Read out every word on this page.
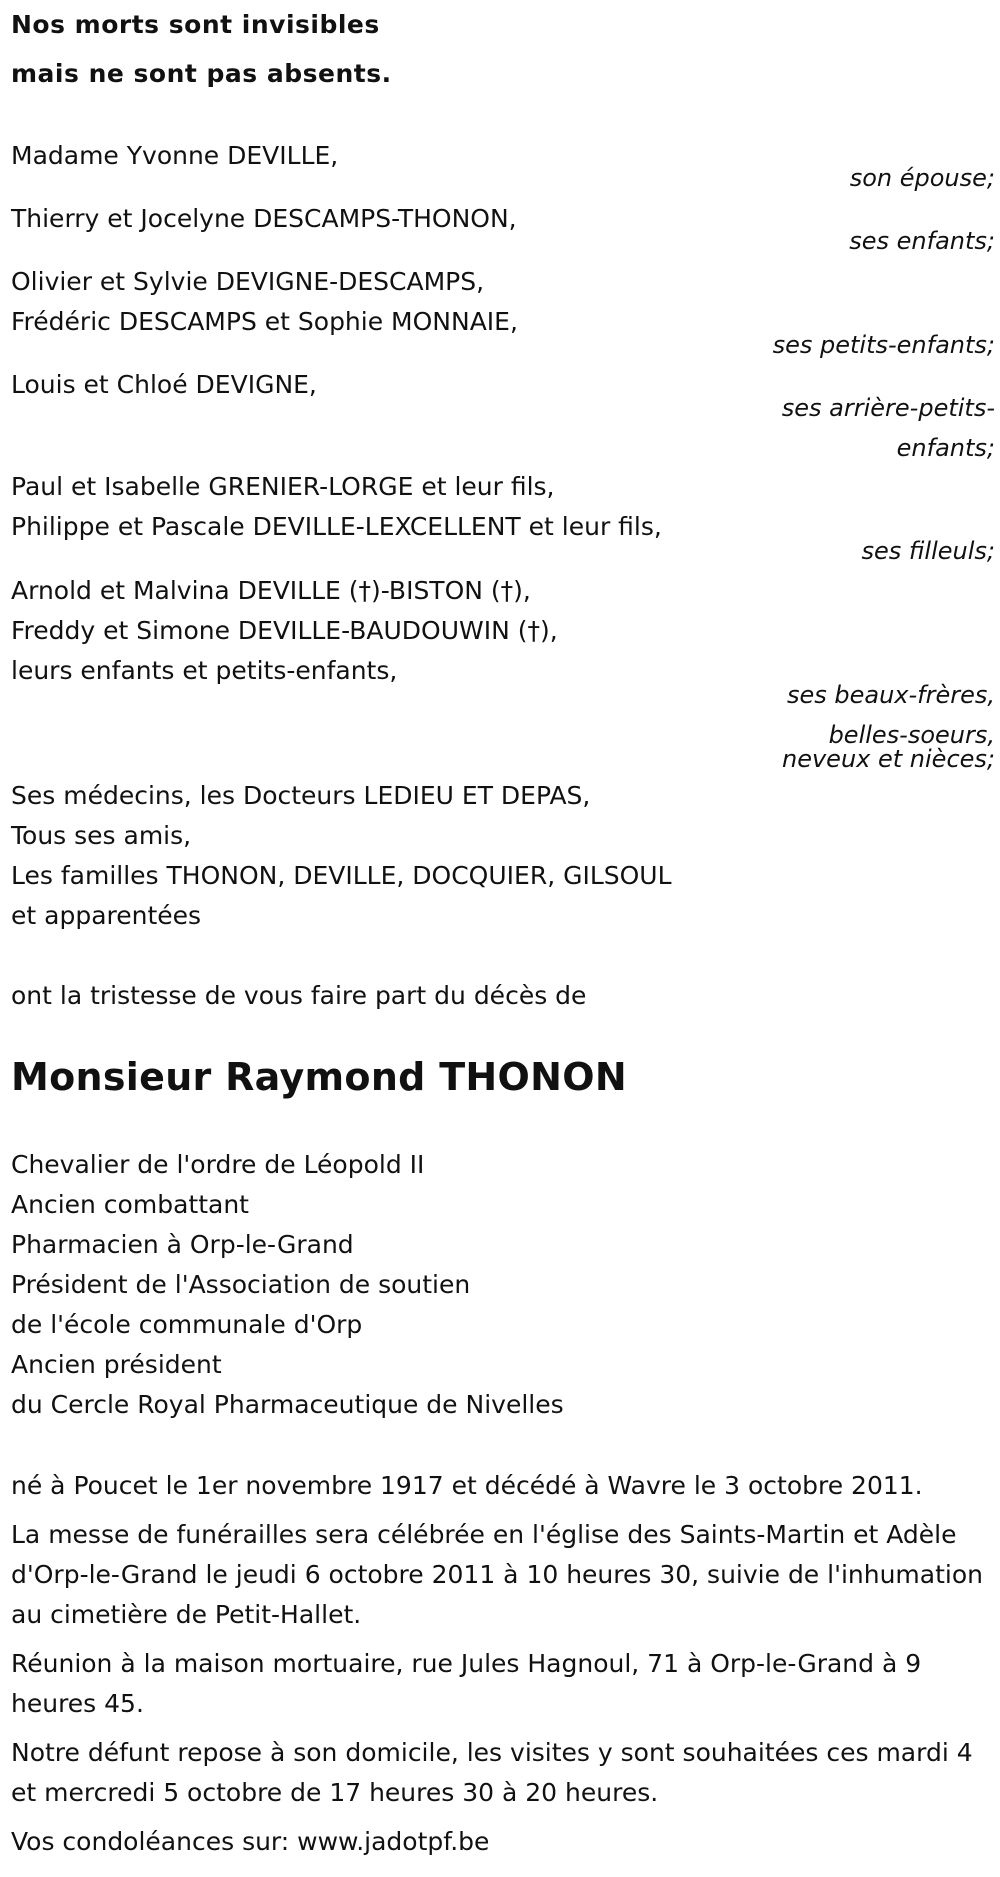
Nos morts sont invisibles
mais ne sont pas absents.
Madame Yvonne DEVILLE,
son épouse;
Thierry et Jocelyne DESCAMPS-THONON,
ses enfants;
Olivier et Sylvie DEVIGNE-DESCAMPS,
Frédéric DESCAMPS et Sophie MONNAIE,
ses petits-enfants;
Louis et Chloé DEVIGNE,
ses arrière-petits-
enfants;
Paul et Isabelle GRENIER-LORGE et leur fils,
Philippe et Pascale DEVILLE-LEXCELLENT et leur fils,
ses filleuls;
Arnold et Malvina DEVILLE (†)-BISTON (†),
Freddy et Simone DEVILLE-BAUDOUWIN (†),
leurs enfants et petits-enfants,
ses beaux-frères,
belles-soeurs,
neveux et nièces;
Ses médecins, les Docteurs LEDIEU ET DEPAS,
Tous ses amis,
Les familles THONON, DEVILLE, DOCQUIER, GILSOUL
et apparentées
ont la tristesse de vous faire part du décès de
Monsieur Raymond THONON
Chevalier de l'ordre de Léopold II
Ancien combattant
Pharmacien à Orp-le-Grand
Président de l'Association de soutien
de l'école communale d'Orp
Ancien président
du Cercle Royal Pharmaceutique de Nivelles
né à Poucet le 1er novembre 1917 et décédé à Wavre le 3 octobre 2011.
La messe de funérailles sera célébrée en l'église des Saints-Martin et Adèle d'Orp-le-Grand le jeudi 6 octobre 2011 à 10 heures 30, suivie de l'inhumation au cimetière de Petit-Hallet.
Réunion à la maison mortuaire, rue Jules Hagnoul, 71 à Orp-le-Grand à 9 heures 45.
Notre défunt repose à son domicile, les visites y sont souhaitées ces mardi 4 et mercredi 5 octobre de 17 heures 30 à 20 heures.
Vos condoléances sur: www.jadotpf.be
